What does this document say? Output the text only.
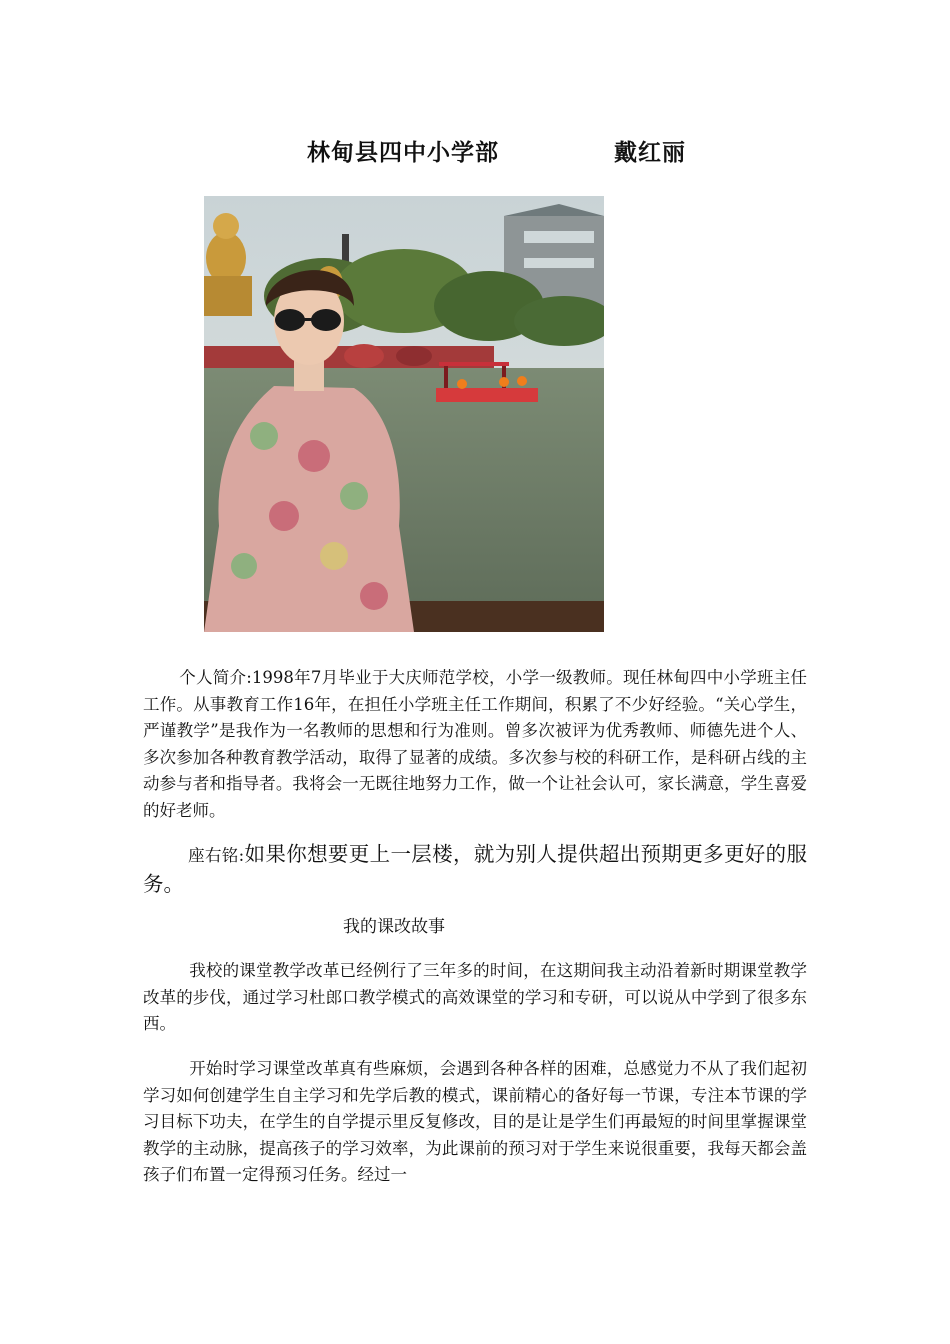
林甸县四中小学部	戴红丽

个人简介:1998年7月毕业于大庆师范学校，小学一级教师。现任林甸四中小学班主任工作。从事教育工作16年，在担任小学班主任工作期间，积累了不少好经验。“关心学生，严谨教学”是我作为一名教师的思想和行为准则。曾多次被评为优秀教师、师德先进个人、多次参加各种教育教学活动，取得了显著的成绩。多次参与校的科研工作，是科研占线的主动参与者和指导者。我将会一无既往地努力工作，做一个让社会认可，家长满意，学生喜爱的好老师。

座右铭:如果你想要更上一层楼，就为别人提供超出预期更多更好的服务。

我的课改故事

我校的课堂教学改革已经例行了三年多的时间，在这期间我主动沿着新时期课堂教学改革的步伐，通过学习杜郎口教学模式的高效课堂的学习和专研，可以说从中学到了很多东西。

开始时学习课堂改革真有些麻烦，会遇到各种各样的困难，总感觉力不从了我们起初学习如何创建学生自主学习和先学后教的模式，课前精心的备好每一节课，专注本节课的学习目标下功夫，在学生的自学提示里反复修改，目的是让是学生们再最短的时间里掌握课堂教学的主动脉，提高孩子的学习效率，为此课前的预习对于学生来说很重要，我每天都会盖孩子们布置一定得预习任务。经过一
